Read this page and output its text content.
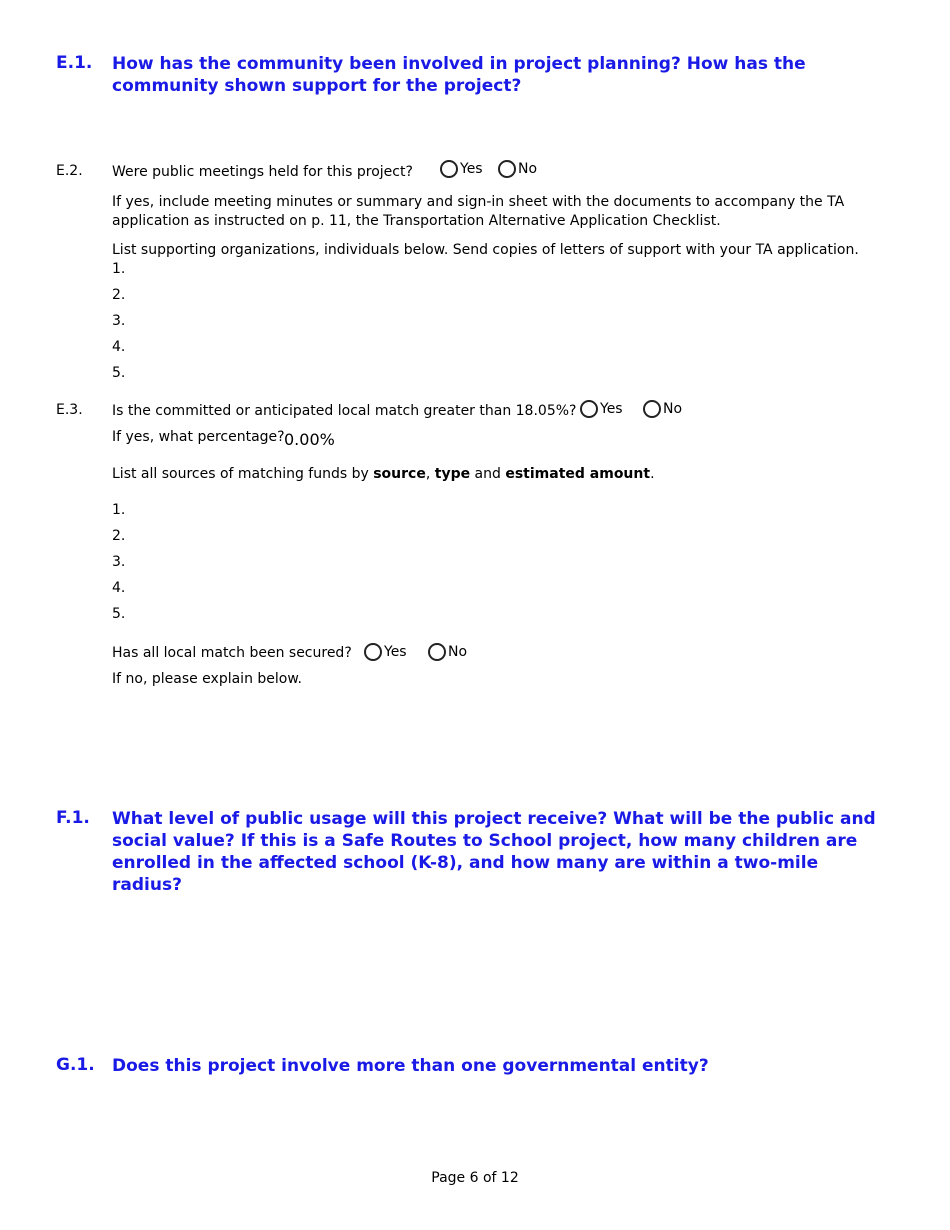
E.1. How has the community been involved in project planning? How has the community shown support for the project?
E.2. Were public meetings held for this project?	Yes	No
If yes, include meeting minutes or summary and sign-in sheet with the documents to accompany the TA application as instructed on p. 11, the Transportation Alternative Application Checklist.
List supporting organizations, individuals below. Send copies of letters of support with your TA application.
1.
2.
3.
4.
5.
E.3. Is the committed or anticipated local match greater than 18.05%? Yes	No
If yes, what percentage? 0.00%
List all sources of matching funds by source, type and estimated amount.
1.
2.
3.
4.
5.
Has all local match been secured? Yes	No
If no, please explain below.
F.1. What level of public usage will this project receive? What will be the public and social value? If this is a Safe Routes to School project, how many children are enrolled in the affected school (K-8), and how many are within a two-mile radius?
G.1. Does this project involve more than one governmental entity?
Page 6 of 12
